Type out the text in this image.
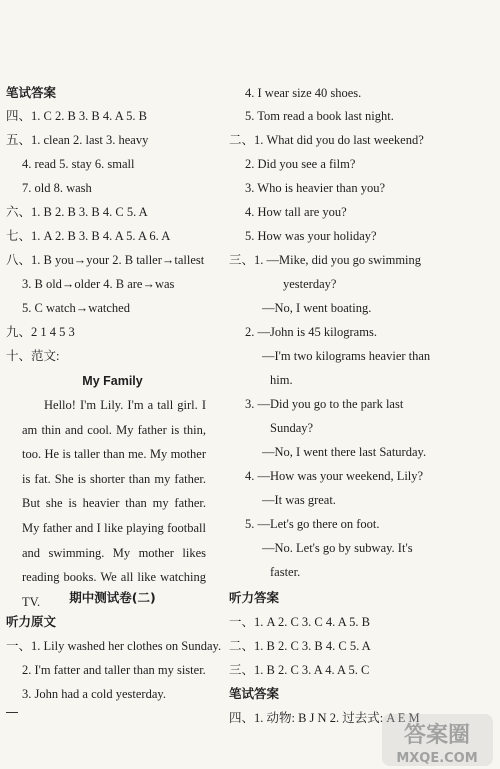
笔试答案
四、1. C 2. B 3. B 4. A 5. B
五、1. clean 2. last 3. heavy
4. read 5. stay 6. small
7. old 8. wash
六、1. B 2. B 3. B 4. C 5. A
七、1. A 2. B 3. B 4. A 5. A 6. A
八、1. B you→your 2. B taller→tallest
3. B old→older 4. B are→was
5. C watch→watched
九、2 1 4 5 3
十、范文:
My Family
Hello! I'm Lily. I'm a tall girl. I am thin and cool. My father is thin, too. He is taller than me. My mother is fat. She is shorter than my father. But she is heavier than my father. My father and I like playing football and swimming. My mother likes reading books. We all like watching TV.	期中测试卷(二)
听力原文
一、1. Lily washed her clothes on Sunday.
2. I'm fatter and taller than my sister.
3. John had a cold yesterday.
4. I wear size 40 shoes.
5. Tom read a book last night.
二、1. What did you do last weekend?
2. Did you see a film?
3. Who is heavier than you?
4. How tall are you?
5. How was your holiday?
三、1. —Mike, did you go swimming
yesterday?
—No, I went boating.
2. —John is 45 kilograms.
—I'm two kilograms heavier than
him.
3. —Did you go to the park last
Sunday?
—No, I went there last Saturday.
4. —How was your weekend, Lily?
—It was great.
5. —Let's go there on foot.
—No. Let's go by subway. It's
faster.
听力答案
一、1. A 2. C 3. C 4. A 5. B
二、1. B 2. C 3. B 4. C 5. A
三、1. B 2. C 3. A 4. A 5. C
笔试答案
四、1. 动物: B J N 2. 过去式: A E M
答案圈
MXQE.COM
